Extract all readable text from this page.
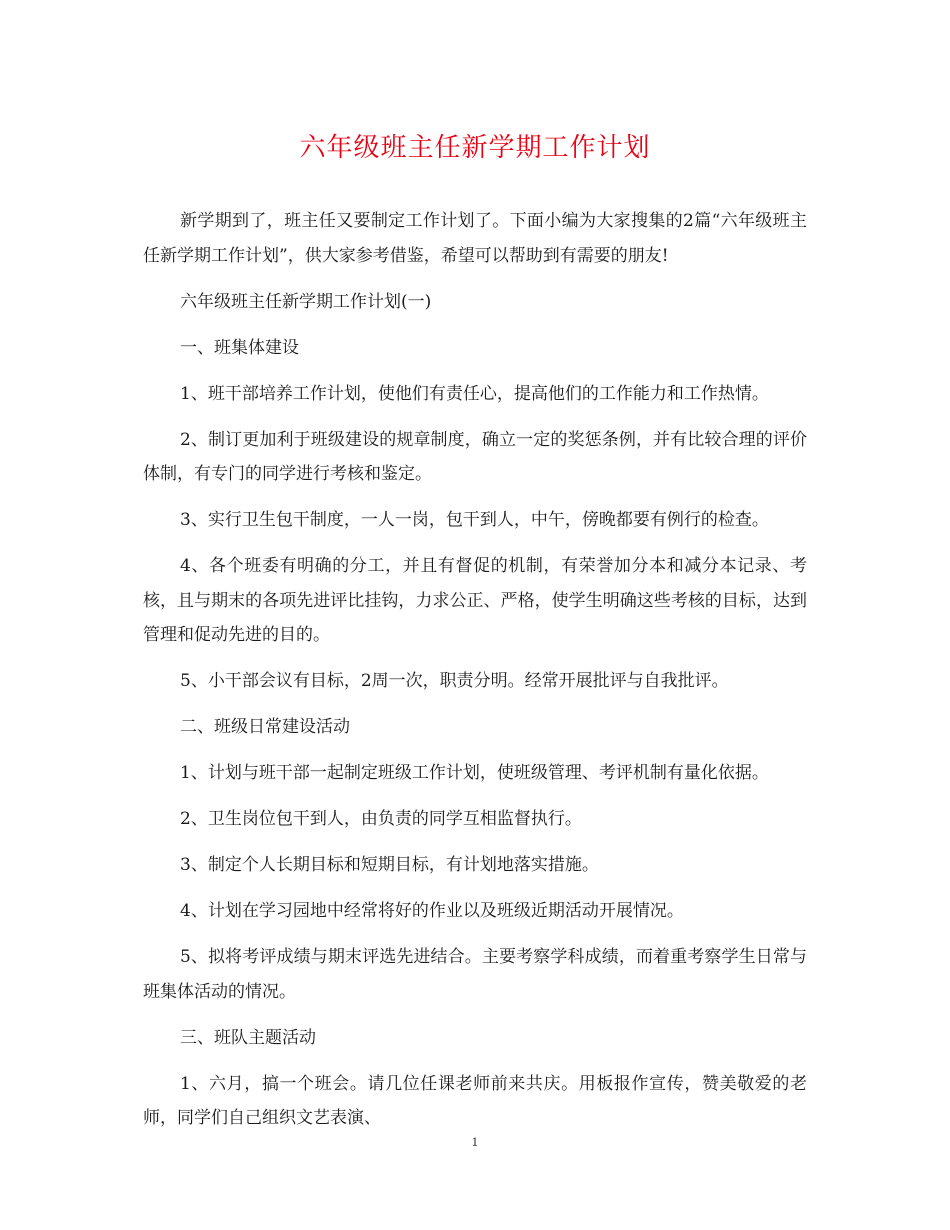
六年级班主任新学期工作计划

新学期到了，班主任又要制定工作计划了。下面小编为大家搜集的2篇“六年级班主任新学期工作计划”，供大家参考借鉴，希望可以帮助到有需要的朋友!

六年级班主任新学期工作计划(一)

一、班集体建设

1、班干部培养工作计划，使他们有责任心，提高他们的工作能力和工作热情。

2、制订更加利于班级建设的规章制度，确立一定的奖惩条例，并有比较合理的评价体制，有专门的同学进行考核和鉴定。

3、实行卫生包干制度，一人一岗，包干到人，中午，傍晚都要有例行的检查。

4、各个班委有明确的分工，并且有督促的机制，有荣誉加分本和减分本记录、考核，且与期末的各项先进评比挂钩，力求公正、严格，使学生明确这些考核的目标，达到管理和促动先进的目的。

5、小干部会议有目标，2周一次，职责分明。经常开展批评与自我批评。

二、班级日常建设活动

1、计划与班干部一起制定班级工作计划，使班级管理、考评机制有量化依据。

2、卫生岗位包干到人，由负责的同学互相监督执行。

3、制定个人长期目标和短期目标，有计划地落实措施。

4、计划在学习园地中经常将好的作业以及班级近期活动开展情况。

5、拟将考评成绩与期末评选先进结合。主要考察学科成绩，而着重考察学生日常与班集体活动的情况。

三、班队主题活动

1、六月，搞一个班会。请几位任课老师前来共庆。用板报作宣传，赞美敬爱的老师，同学们自己组织文艺表演、

1
